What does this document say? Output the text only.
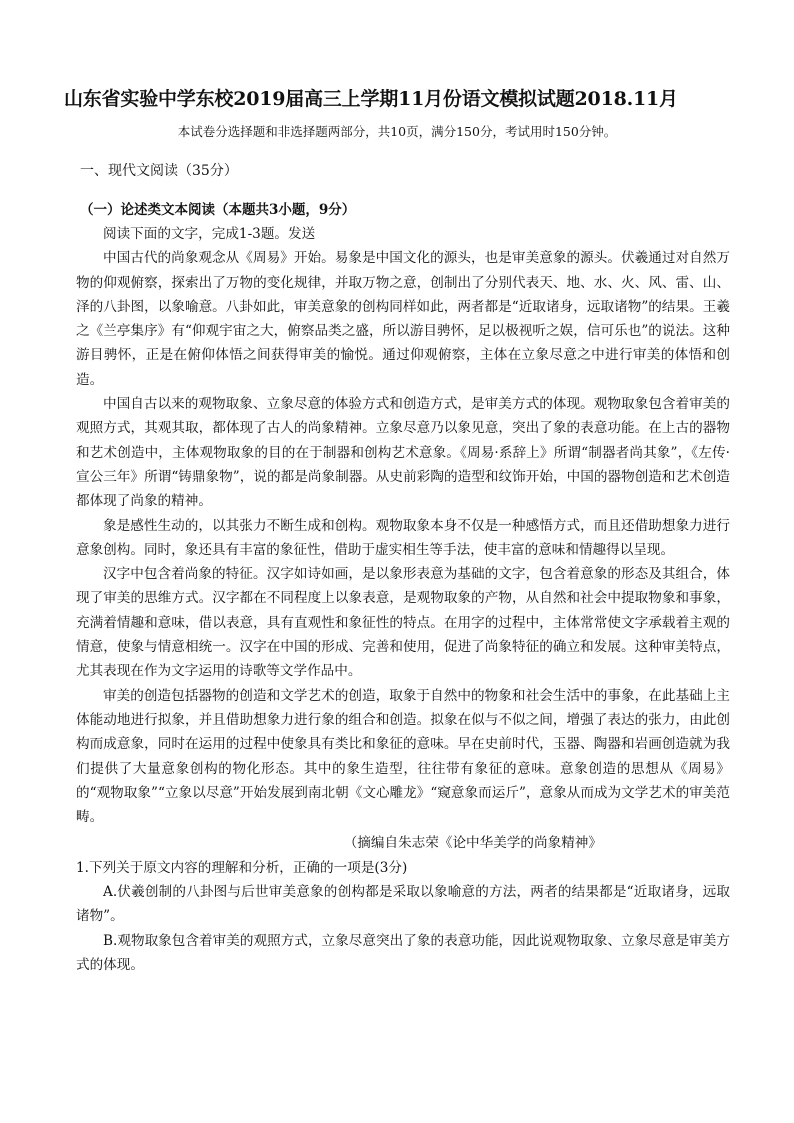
山东省实验中学东校2019届高三上学期11月份语文模拟试题2018.11月
本试卷分选择题和非选择题两部分，共10页，满分150分，考试用时150分钟。
一、现代文阅读（35分）
（一）论述类文本阅读（本题共3小题，9分）

阅读下面的文字，完成1-3题。发送

中国古代的尚象观念从《周易》开始。易象是中国文化的源头，也是审美意象的源头。伏羲通过对自然万物的仰观俯察，探索出了万物的变化规律，并取万物之意，创制出了分别代表天、地、水、火、风、雷、山、泽的八卦图，以象喻意。八卦如此，审美意象的创构同样如此，两者都是“近取诸身，远取诸物”的结果。王羲之《兰亭集序》有“仰观宇宙之大，俯察品类之盛，所以游目骋怀，足以极视听之娱，信可乐也”的说法。这种游目骋怀，正是在俯仰体悟之间获得审美的愉悦。通过仰观俯察，主体在立象尽意之中进行审美的体悟和创造。

中国自古以来的观物取象、立象尽意的体验方式和创造方式，是审美方式的体现。观物取象包含着审美的观照方式，其观其取，都体现了古人的尚象精神。立象尽意乃以象见意，突出了象的表意功能。在上古的器物和艺术创造中，主体观物取象的目的在于制器和创构艺术意象。《周易·系辞上》所谓“制器者尚其象”，《左传·宣公三年》所谓“铸鼎象物”，说的都是尚象制器。从史前彩陶的造型和纹饰开始，中国的器物创造和艺术创造都体现了尚象的精神。

象是感性生动的，以其张力不断生成和创构。观物取象本身不仅是一种感悟方式，而且还借助想象力进行意象创构。同时，象还具有丰富的象征性，借助于虚实相生等手法，使丰富的意味和情趣得以呈现。

汉字中包含着尚象的特征。汉字如诗如画，是以象形表意为基础的文字，包含着意象的形态及其组合，体现了审美的思维方式。汉字都在不同程度上以象表意，是观物取象的产物，从自然和社会中提取物象和事象，充满着情趣和意味，借以表意，具有直观性和象征性的特点。在用字的过程中，主体常常使文字承载着主观的情意，使象与情意相统一。汉字在中国的形成、完善和使用，促进了尚象特征的确立和发展。这种审美特点，尤其表现在作为文字运用的诗歌等文学作品中。

审美的创造包括器物的创造和文学艺术的创造，取象于自然中的物象和社会生活中的事象，在此基础上主体能动地进行拟象，并且借助想象力进行象的组合和创造。拟象在似与不似之间，增强了表达的张力，由此创构而成意象，同时在运用的过程中使象具有类比和象征的意味。早在史前时代，玉器、陶器和岩画创造就为我们提供了大量意象创构的物化形态。其中的象生造型，往往带有象征的意味。意象创造的思想从《周易》的“观物取象”“立象以尽意”开始发展到南北朝《文心雕龙》“窥意象而运斤”，意象从而成为文学艺术的审美范畴。

（摘编自朱志荣《论中华美学的尚象精神》

1.下列关于原文内容的理解和分析，正确的一项是(3分)

A.伏羲创制的八卦图与后世审美意象的创构都是采取以象喻意的方法，两者的结果都是“近取诸身，远取诸物”。

B.观物取象包含着审美的观照方式，立象尽意突出了象的表意功能，因此说观物取象、立象尽意是审美方式的体现。
